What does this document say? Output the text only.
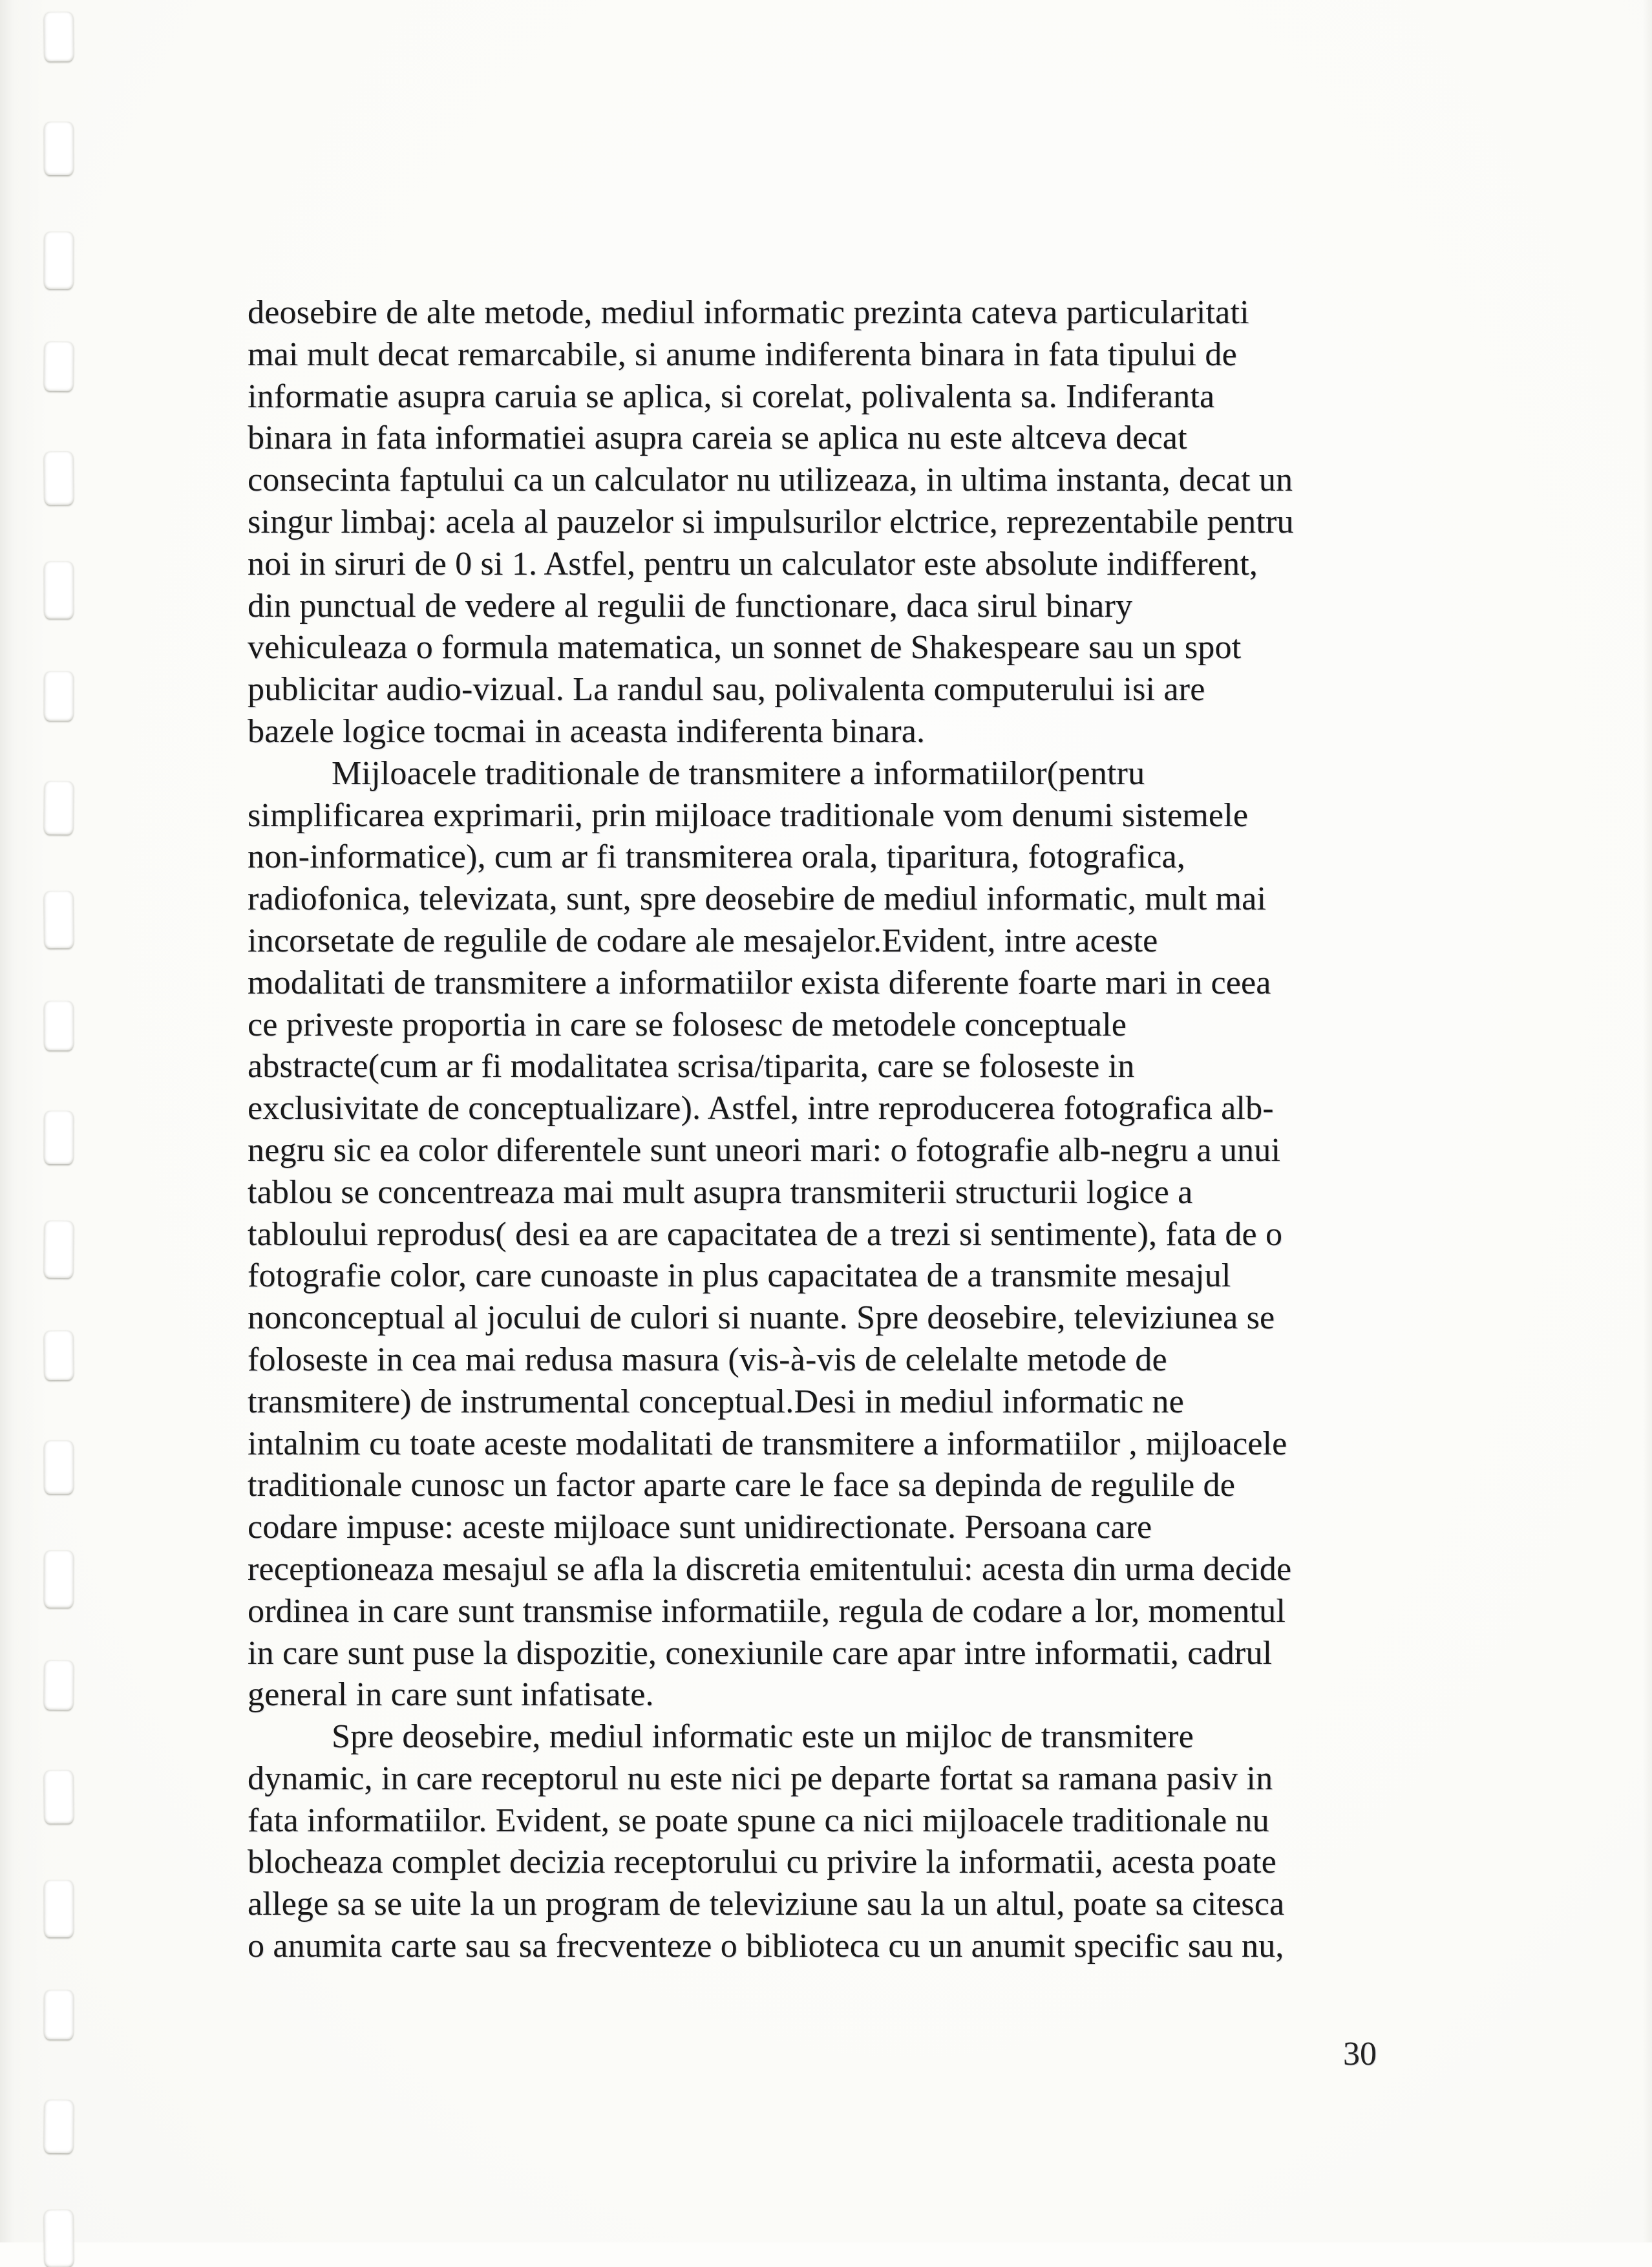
deosebire de alte metode, mediul informatic prezinta cateva particularitati
mai mult decat remarcabile, si anume indiferenta binara in fata tipului de
informatie asupra caruia se aplica, si corelat, polivalenta sa. Indiferanta
binara in fata informatiei asupra careia se aplica nu este altceva decat
consecinta faptului ca un calculator nu utilizeaza, in ultima instanta, decat un
singur limbaj: acela al pauzelor si impulsurilor elctrice, reprezentabile pentru
noi in siruri de 0 si 1. Astfel, pentru un calculator este absolute indifferent,
din punctual de vedere al regulii de functionare, daca sirul binary
vehiculeaza o formula matematica, un sonnet de Shakespeare sau un spot
publicitar audio-vizual. La randul sau, polivalenta computerului isi are
bazele logice tocmai in aceasta indiferenta binara.
Mijloacele traditionale de transmitere a informatiilor(pentru
simplificarea exprimarii, prin mijloace traditionale vom denumi sistemele
non-informatice), cum ar fi transmiterea orala, tiparitura, fotografica,
radiofonica, televizata, sunt, spre deosebire de mediul informatic, mult mai
incorsetate de regulile de codare ale mesajelor.Evident, intre aceste
modalitati de transmitere a informatiilor exista diferente foarte mari in ceea
ce priveste proportia in care se folosesc de metodele conceptuale
abstracte(cum ar fi modalitatea scrisa/tiparita, care se foloseste in
exclusivitate de conceptualizare). Astfel, intre reproducerea fotografica alb-
negru sic ea color diferentele sunt uneori mari: o fotografie alb-negru a unui
tablou se concentreaza mai mult asupra transmiterii structurii logice a
tabloului reprodus( desi ea are capacitatea de a trezi si sentimente), fata de o
fotografie color, care cunoaste in plus capacitatea de a transmite mesajul
nonconceptual al jocului de culori si nuante. Spre deosebire, televiziunea se
foloseste in cea mai redusa masura (vis-à-vis de celelalte metode de
transmitere) de instrumental conceptual.Desi in mediul informatic ne
intalnim cu toate aceste modalitati de transmitere a informatiilor , mijloacele
traditionale cunosc un factor aparte care le face sa depinda de regulile de
codare impuse: aceste mijloace sunt unidirectionate. Persoana care
receptioneaza mesajul se afla la discretia emitentului: acesta din urma decide
ordinea in care sunt transmise informatiile, regula de codare a lor, momentul
in care sunt puse la dispozitie, conexiunile care apar intre informatii, cadrul
general in care sunt infatisate.
Spre deosebire, mediul informatic este un mijloc de transmitere
dynamic, in care receptorul nu este nici pe departe fortat sa ramana pasiv in
fata informatiilor. Evident, se poate spune ca nici mijloacele traditionale nu
blocheaza complet decizia receptorului cu privire la informatii, acesta poate
allege sa se uite la un program de televiziune sau la un altul, poate sa citesca
o anumita carte sau sa frecventeze o biblioteca cu un anumit specific sau nu,
30
